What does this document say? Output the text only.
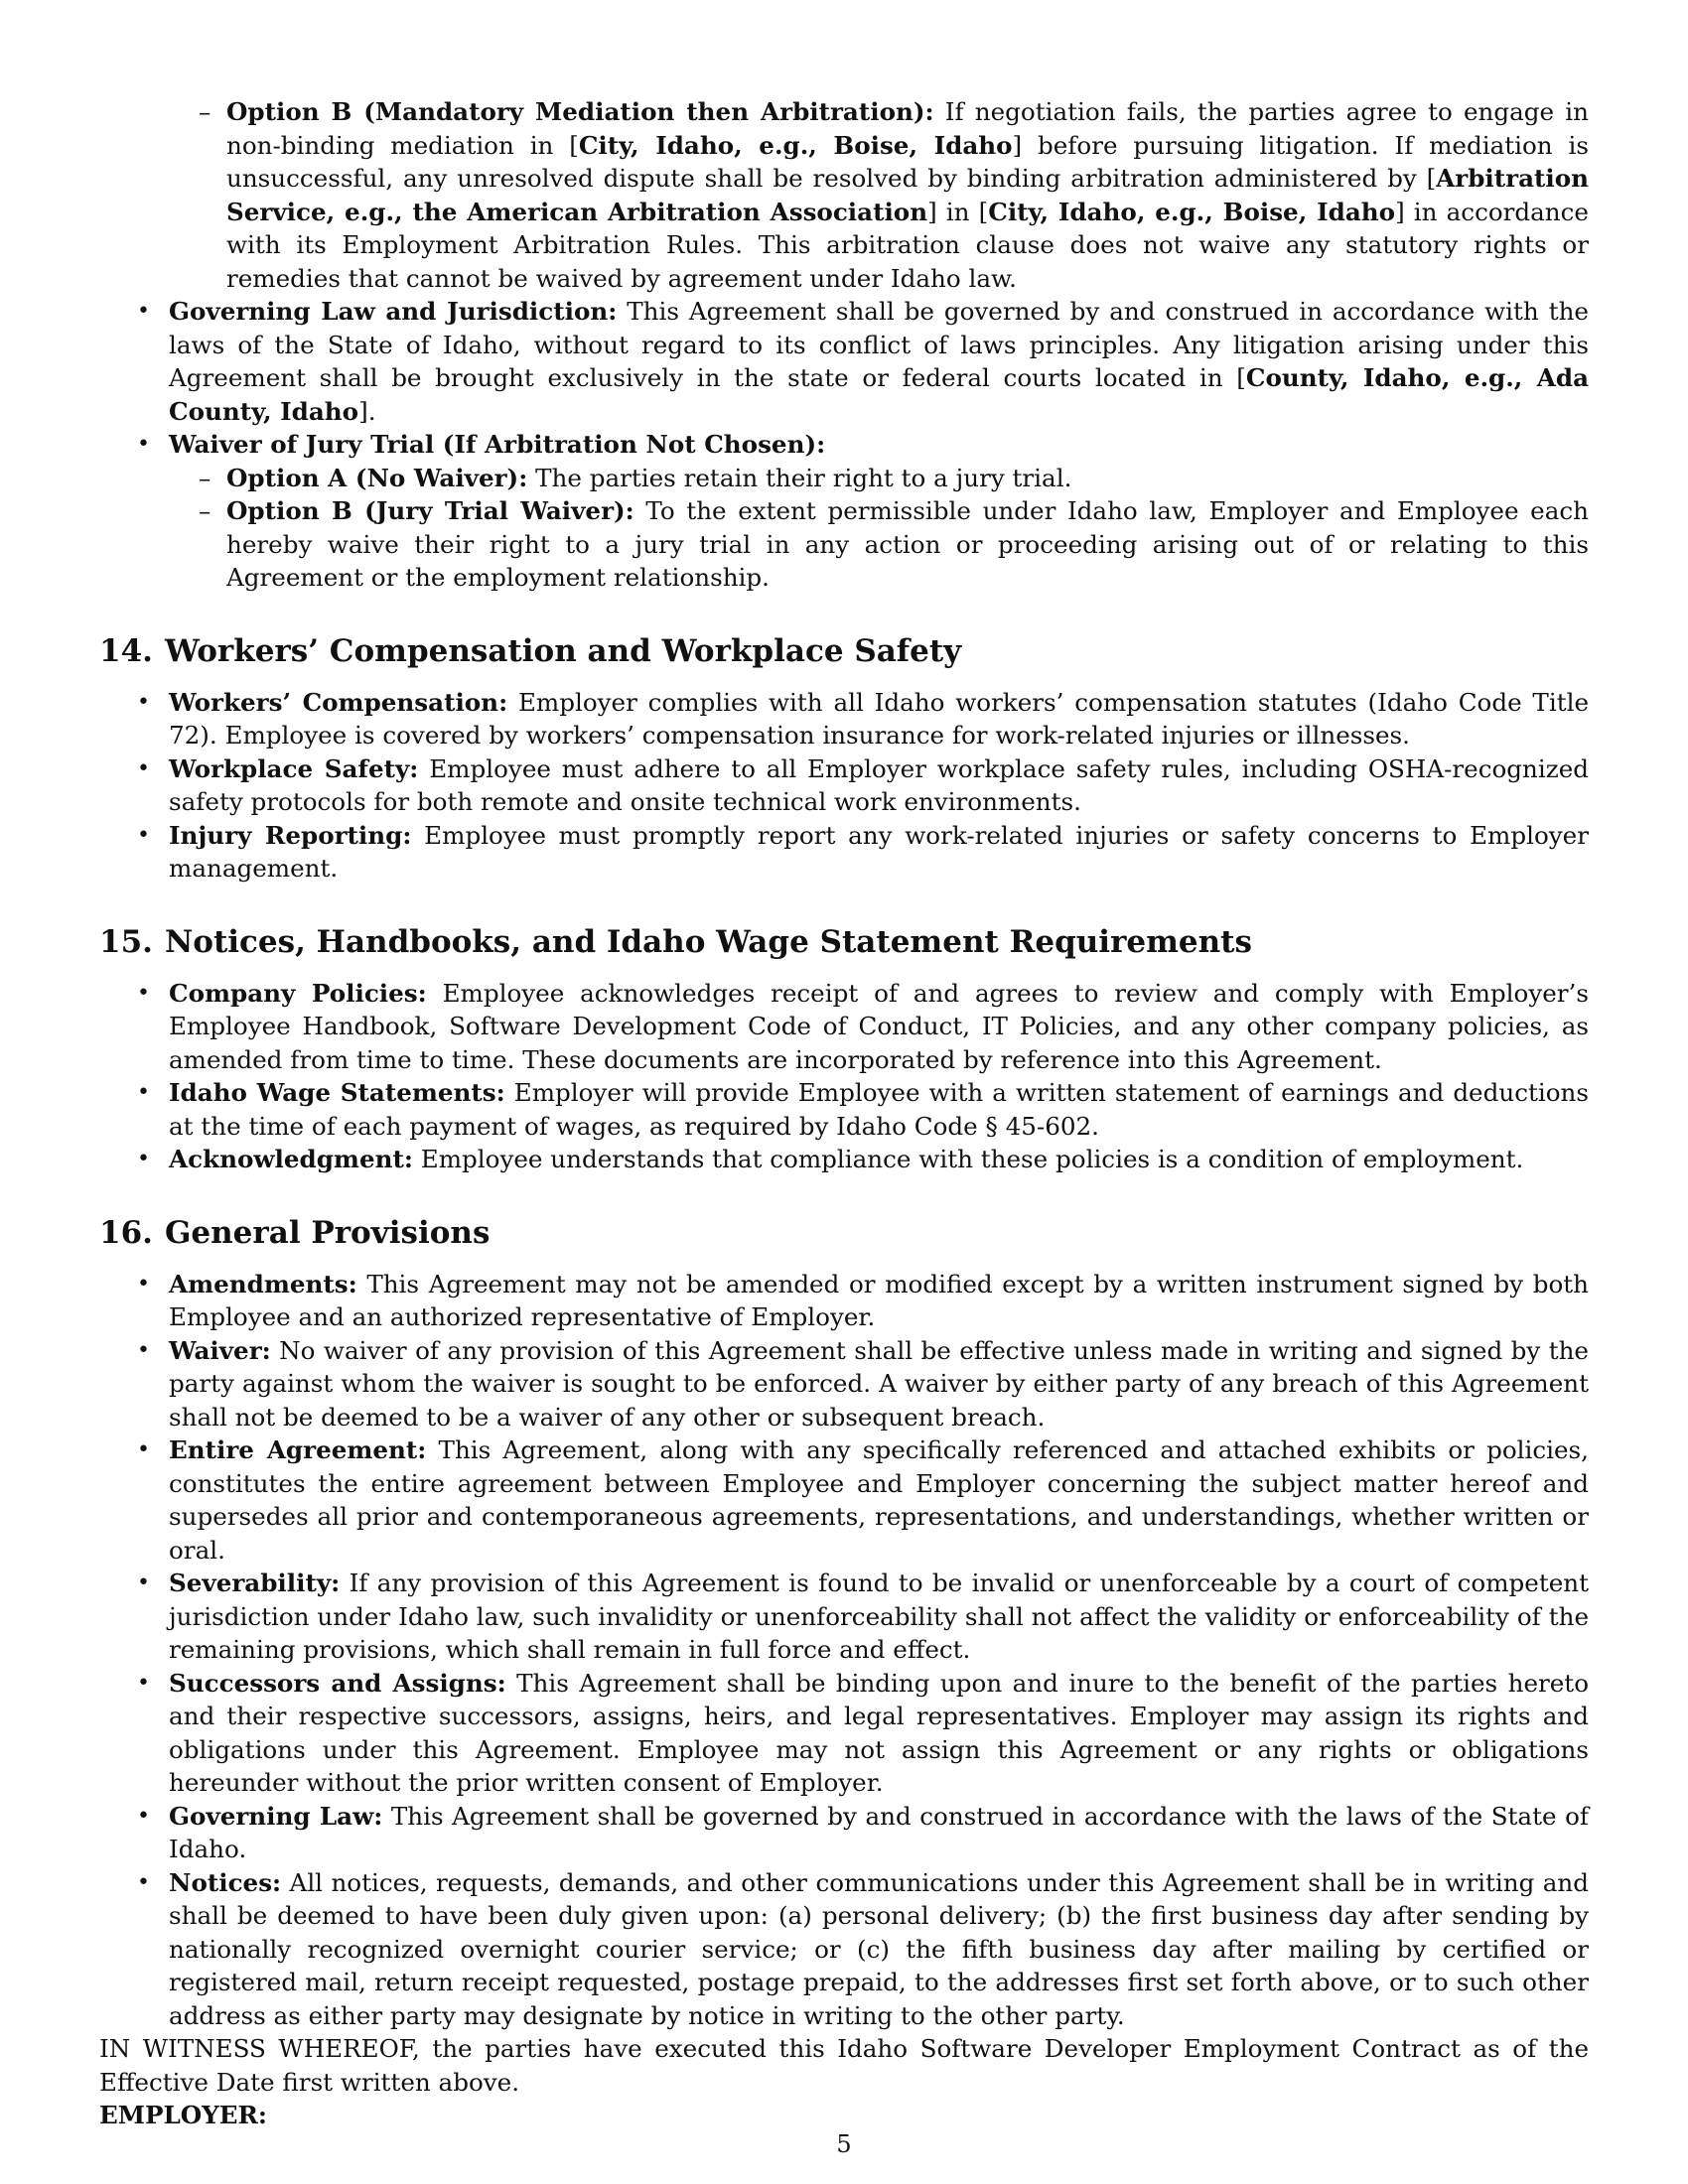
– Option B (Mandatory Mediation then Arbitration): If negotiation fails, the parties agree to engage in non-binding mediation in [City, Idaho, e.g., Boise, Idaho] before pursuing litigation. If mediation is unsuccessful, any unresolved dispute shall be resolved by binding arbitration administered by [Arbitration Service, e.g., the American Arbitration Association] in [City, Idaho, e.g., Boise, Idaho] in accordance with its Employment Arbitration Rules. This arbitration clause does not waive any statutory rights or remedies that cannot be waived by agreement under Idaho law.
• Governing Law and Jurisdiction: This Agreement shall be governed by and construed in accordance with the laws of the State of Idaho, without regard to its conflict of laws principles. Any litigation arising under this Agreement shall be brought exclusively in the state or federal courts located in [County, Idaho, e.g., Ada County, Idaho].
• Waiver of Jury Trial (If Arbitration Not Chosen):
– Option A (No Waiver): The parties retain their right to a jury trial.
– Option B (Jury Trial Waiver): To the extent permissible under Idaho law, Employer and Employee each hereby waive their right to a jury trial in any action or proceeding arising out of or relating to this Agreement or the employment relationship.
14. Workers’ Compensation and Workplace Safety
• Workers’ Compensation: Employer complies with all Idaho workers’ compensation statutes (Idaho Code Title 72). Employee is covered by workers’ compensation insurance for work-related injuries or illnesses.
• Workplace Safety: Employee must adhere to all Employer workplace safety rules, including OSHA-recognized safety protocols for both remote and onsite technical work environments.
• Injury Reporting: Employee must promptly report any work-related injuries or safety concerns to Employer management.
15. Notices, Handbooks, and Idaho Wage Statement Requirements
• Company Policies: Employee acknowledges receipt of and agrees to review and comply with Employer’s Employee Handbook, Software Development Code of Conduct, IT Policies, and any other company policies, as amended from time to time. These documents are incorporated by reference into this Agreement.
• Idaho Wage Statements: Employer will provide Employee with a written statement of earnings and deductions at the time of each payment of wages, as required by Idaho Code § 45-602.
• Acknowledgment: Employee understands that compliance with these policies is a condition of employment.
16. General Provisions
• Amendments: This Agreement may not be amended or modified except by a written instrument signed by both Employee and an authorized representative of Employer.
• Waiver: No waiver of any provision of this Agreement shall be effective unless made in writing and signed by the party against whom the waiver is sought to be enforced. A waiver by either party of any breach of this Agreement shall not be deemed to be a waiver of any other or subsequent breach.
• Entire Agreement: This Agreement, along with any specifically referenced and attached exhibits or policies, constitutes the entire agreement between Employee and Employer concerning the subject matter hereof and supersedes all prior and contemporaneous agreements, representations, and understandings, whether written or oral.
• Severability: If any provision of this Agreement is found to be invalid or unenforceable by a court of competent jurisdiction under Idaho law, such invalidity or unenforceability shall not affect the validity or enforceability of the remaining provisions, which shall remain in full force and effect.
• Successors and Assigns: This Agreement shall be binding upon and inure to the benefit of the parties hereto and their respective successors, assigns, heirs, and legal representatives. Employer may assign its rights and obligations under this Agreement. Employee may not assign this Agreement or any rights or obligations hereunder without the prior written consent of Employer.
• Governing Law: This Agreement shall be governed by and construed in accordance with the laws of the State of Idaho.
• Notices: All notices, requests, demands, and other communications under this Agreement shall be in writing and shall be deemed to have been duly given upon: (a) personal delivery; (b) the first business day after sending by nationally recognized overnight courier service; or (c) the fifth business day after mailing by certified or registered mail, return receipt requested, postage prepaid, to the addresses first set forth above, or to such other address as either party may designate by notice in writing to the other party.

IN WITNESS WHEREOF, the parties have executed this Idaho Software Developer Employment Contract as of the Effective Date first written above.

EMPLOYER:

5
